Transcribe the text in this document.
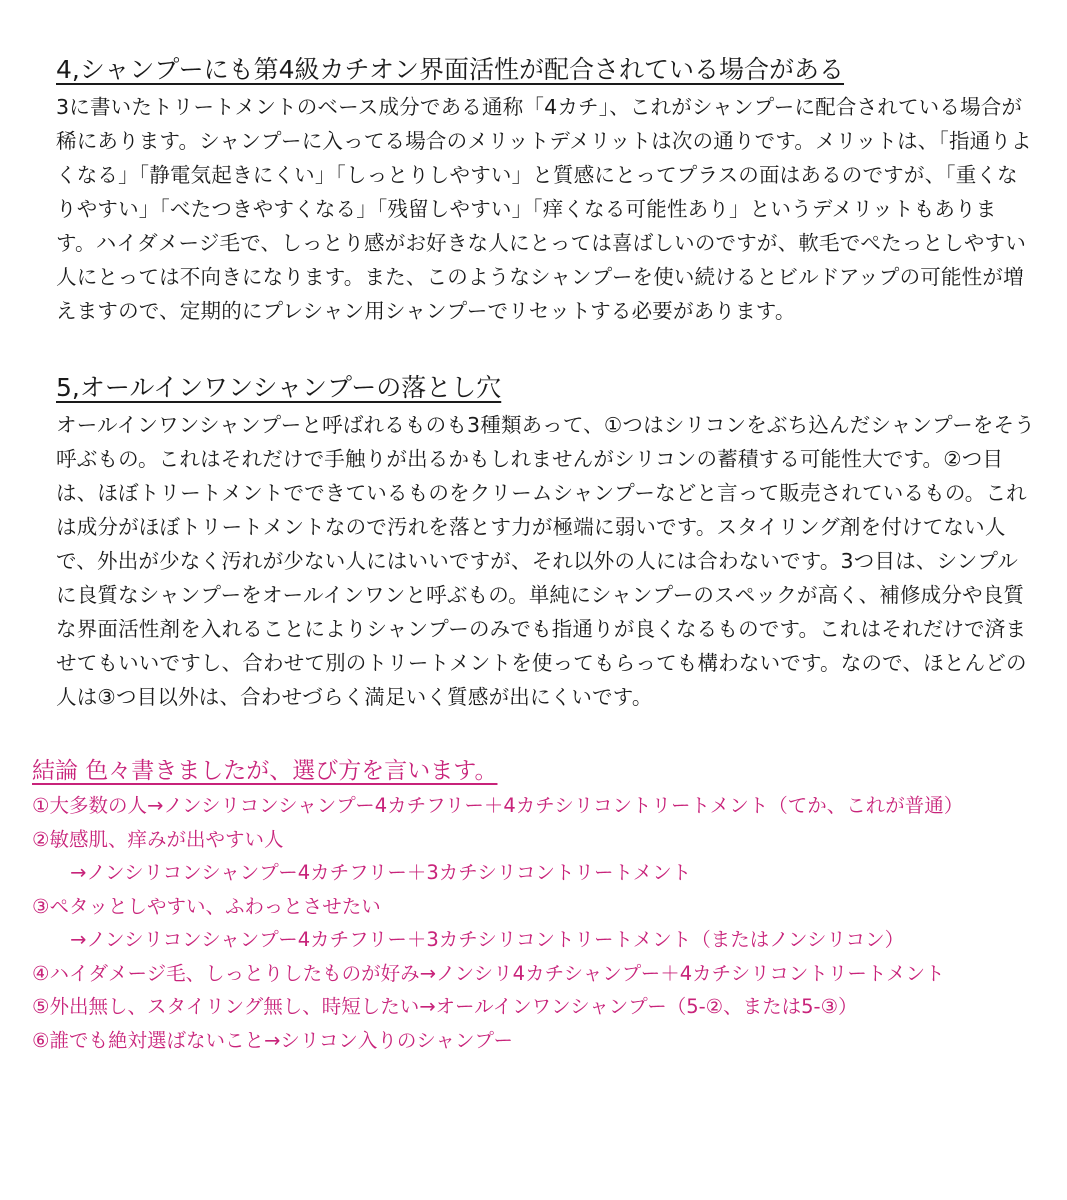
4,シャンプーにも第4級カチオン界面活性が配合されている場合がある

3に書いたトリートメントのベース成分である通称「4カチ」、これがシャンプーに配合されている場合が稀にあります。シャンプーに入ってる場合のメリットデメリットは次の通りです。メリットは、「指通りよくなる」「静電気起きにくい」「しっとりしやすい」と質感にとってプラスの面はあるのですが、「重くなりやすい」「べたつきやすくなる」「残留しやすい」「痒くなる可能性あり」というデメリットもあります。ハイダメージ毛で、しっとり感がお好きな人にとっては喜ばしいのですが、軟毛でぺたっとしやすい人にとっては不向きになります。また、このようなシャンプーを使い続けるとビルドアップの可能性が増えますので、定期的にプレシャン用シャンプーでリセットする必要があります。

5,オールインワンシャンプーの落とし穴

オールインワンシャンプーと呼ばれるものも3種類あって、①つはシリコンをぶち込んだシャンプーをそう呼ぶもの。これはそれだけで手触りが出るかもしれませんがシリコンの蓄積する可能性大です。②つ目は、ほぼトリートメントでできているものをクリームシャンプーなどと言って販売されているもの。これは成分がほぼトリートメントなので汚れを落とす力が極端に弱いです。スタイリング剤を付けてない人で、外出が少なく汚れが少ない人にはいいですが、それ以外の人には合わないです。3つ目は、シンプルに良質なシャンプーをオールインワンと呼ぶもの。単純にシャンプーのスペックが高く、補修成分や良質な界面活性剤を入れることによりシャンプーのみでも指通りが良くなるものです。これはそれだけで済ませてもいいですし、合わせて別のトリートメントを使ってもらっても構わないです。なので、ほとんどの人は③つ目以外は、合わせづらく満足いく質感が出にくいです。

結論 色々書きましたが、選び方を言います。
①大多数の人→ノンシリコンシャンプー4カチフリー＋4カチシリコントリートメント（てか、これが普通）
②敏感肌、痒みが出やすい人
→ノンシリコンシャンプー4カチフリー＋3カチシリコントリートメント
③ペタッとしやすい、ふわっとさせたい
→ノンシリコンシャンプー4カチフリー＋3カチシリコントリートメント（またはノンシリコン）
④ハイダメージ毛、しっとりしたものが好み→ノンシリ4カチシャンプー＋4カチシリコントリートメント
⑤外出無し、スタイリング無し、時短したい→オールインワンシャンプー（5-②、または5-③）
⑥誰でも絶対選ばないこと→シリコン入りのシャンプー
